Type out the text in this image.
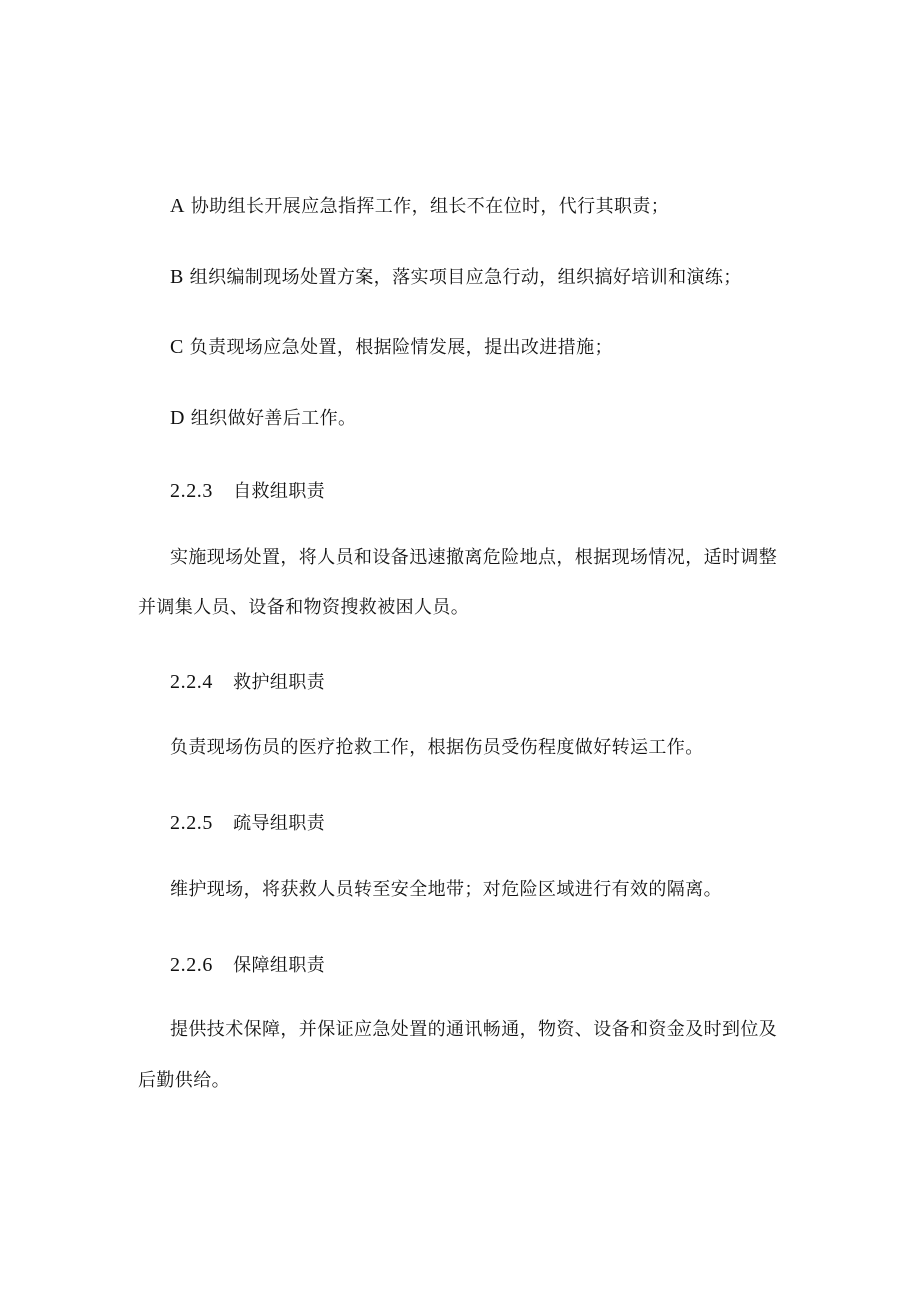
A 协助组长开展应急指挥工作，组长不在位时，代行其职责；
B 组织编制现场处置方案，落实项目应急行动，组织搞好培训和演练；
C 负责现场应急处置，根据险情发展，提出改进措施；
D 组织做好善后工作。
2.2.3 自救组职责
实施现场处置，将人员和设备迅速撤离危险地点，根据现场情况，适时调整
并调集人员、设备和物资搜救被困人员。
2.2.4 救护组职责
负责现场伤员的医疗抢救工作，根据伤员受伤程度做好转运工作。
2.2.5 疏导组职责
维护现场，将获救人员转至安全地带；对危险区域进行有效的隔离。
2.2.6 保障组职责
提供技术保障，并保证应急处置的通讯畅通，物资、设备和资金及时到位及
后勤供给。
